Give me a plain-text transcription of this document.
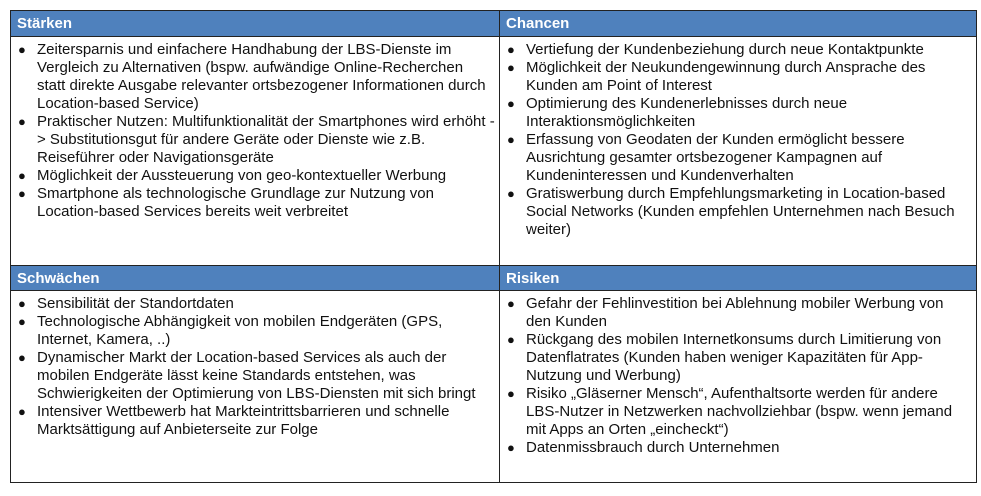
Stärken	Chancen
● Zeitersparnis und einfachere Handhabung der LBS-Dienste im Vergleich zu Alternativen (bspw. aufwändige Online-Recherchen statt direkte Ausgabe relevanter ortsbezogener Informationen durch Location-based Service)
● Praktischer Nutzen: Multifunktionalität der Smartphones wird erhöht -> Substitutionsgut für andere Geräte oder Dienste wie z.B. Reiseführer oder Navigationsgeräte
● Möglichkeit der Aussteuerung von geo-kontextueller Werbung
● Smartphone als technologische Grundlage zur Nutzung von Location-based Services bereits weit verbreitet
● Vertiefung der Kundenbeziehung durch neue Kontaktpunkte
● Möglichkeit der Neukundengewinnung durch Ansprache des Kunden am Point of Interest
● Optimierung des Kundenerlebnisses durch neue Interaktionsmöglichkeiten
● Erfassung von Geodaten der Kunden ermöglicht bessere Ausrichtung gesamter ortsbezogener Kampagnen auf Kundeninteressen und Kundenverhalten
● Gratiswerbung durch Empfehlungsmarketing in Location-based Social Networks (Kunden empfehlen Unternehmen nach Besuch weiter)
Schwächen	Risiken
● Sensibilität der Standortdaten
● Technologische Abhängigkeit von mobilen Endgeräten (GPS, Internet, Kamera, ..)
● Dynamischer Markt der Location-based Services als auch der mobilen Endgeräte lässt keine Standards entstehen, was Schwierigkeiten der Optimierung von LBS-Diensten mit sich bringt
● Intensiver Wettbewerb hat Markteintrittsbarrieren und schnelle Marktsättigung auf Anbieterseite zur Folge
● Gefahr der Fehlinvestition bei Ablehnung mobiler Werbung von den Kunden
● Rückgang des mobilen Internetkonsums durch Limitierung von Datenflatrates (Kunden haben weniger Kapazitäten für App-Nutzung und Werbung)
● Risiko „Gläserner Mensch“, Aufenthaltsorte werden für andere LBS-Nutzer in Netzwerken nachvollziehbar (bspw. wenn jemand mit Apps an Orten „eincheckt“)
● Datenmissbrauch durch Unternehmen
